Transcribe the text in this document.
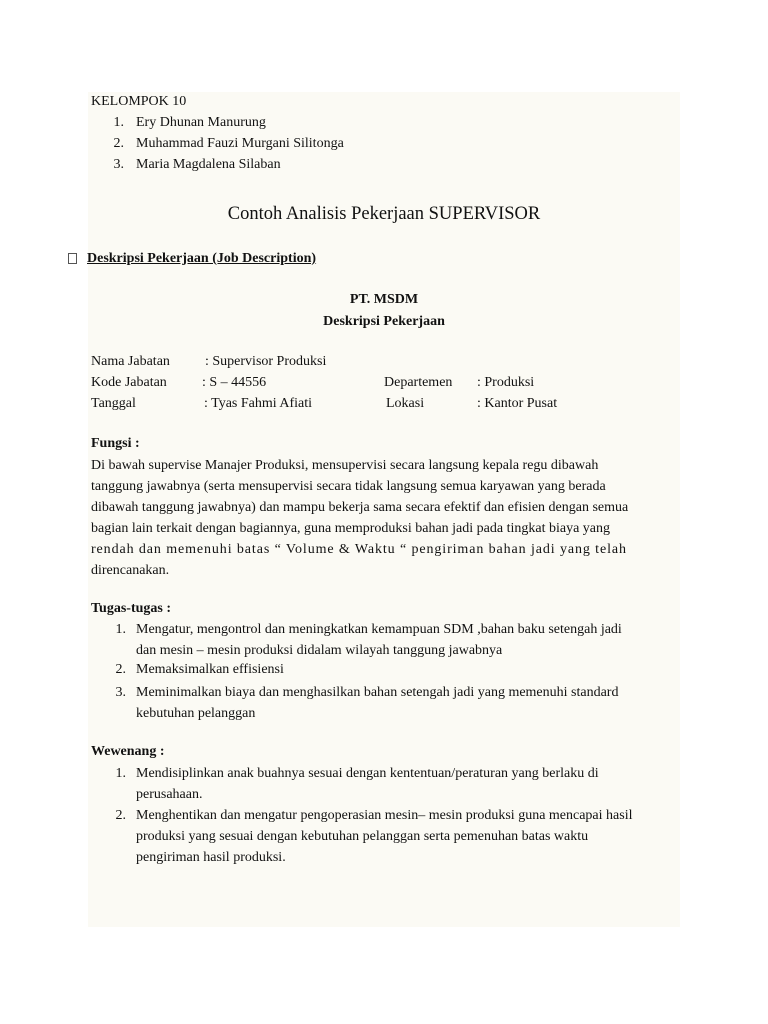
KELOMPOK 10
1. Ery Dhunan Manurung
2. Muhammad Fauzi Murgani Silitonga
3. Maria Magdalena Silaban
Contoh Analisis Pekerjaan SUPERVISOR
Deskripsi Pekerjaan (Job Description)
PT. MSDM
Deskripsi Pekerjaan
Nama Jabatan	: Supervisor Produksi
Kode Jabatan	: S – 44556	Departemen : Produksi
Tanggal	: Tyas Fahmi Afiati	Lokasi	: Kantor Pusat
Fungsi :
Di bawah supervise Manajer Produksi, mensupervisi secara langsung kepala regu dibawah
tanggung jawabnya (serta mensupervisi secara tidak langsung semua karyawan yang berada
dibawah tanggung jawabnya) dan mampu bekerja sama secara efektif dan efisien dengan semua
bagian lain terkait dengan bagiannya, guna memproduksi bahan jadi pada tingkat biaya yang
rendah dan memenuhi batas “ Volume & Waktu “ pengiriman bahan jadi yang telah
direncanakan.
Tugas-tugas :
1. Mengatur, mengontrol dan meningkatkan kemampuan SDM ,bahan baku setengah jadi
dan mesin – mesin produksi didalam wilayah tanggung jawabnya
2. Memaksimalkan effisiensi
3. Meminimalkan biaya dan menghasilkan bahan setengah jadi yang memenuhi standard
kebutuhan pelanggan
Wewenang :
1. Mendisiplinkan anak buahnya sesuai dengan kententuan/peraturan yang berlaku di
perusahaan.
2. Menghentikan dan mengatur pengoperasian mesin– mesin produksi guna mencapai hasil
produksi yang sesuai dengan kebutuhan pelanggan serta pemenuhan batas waktu
pengiriman hasil produksi.
